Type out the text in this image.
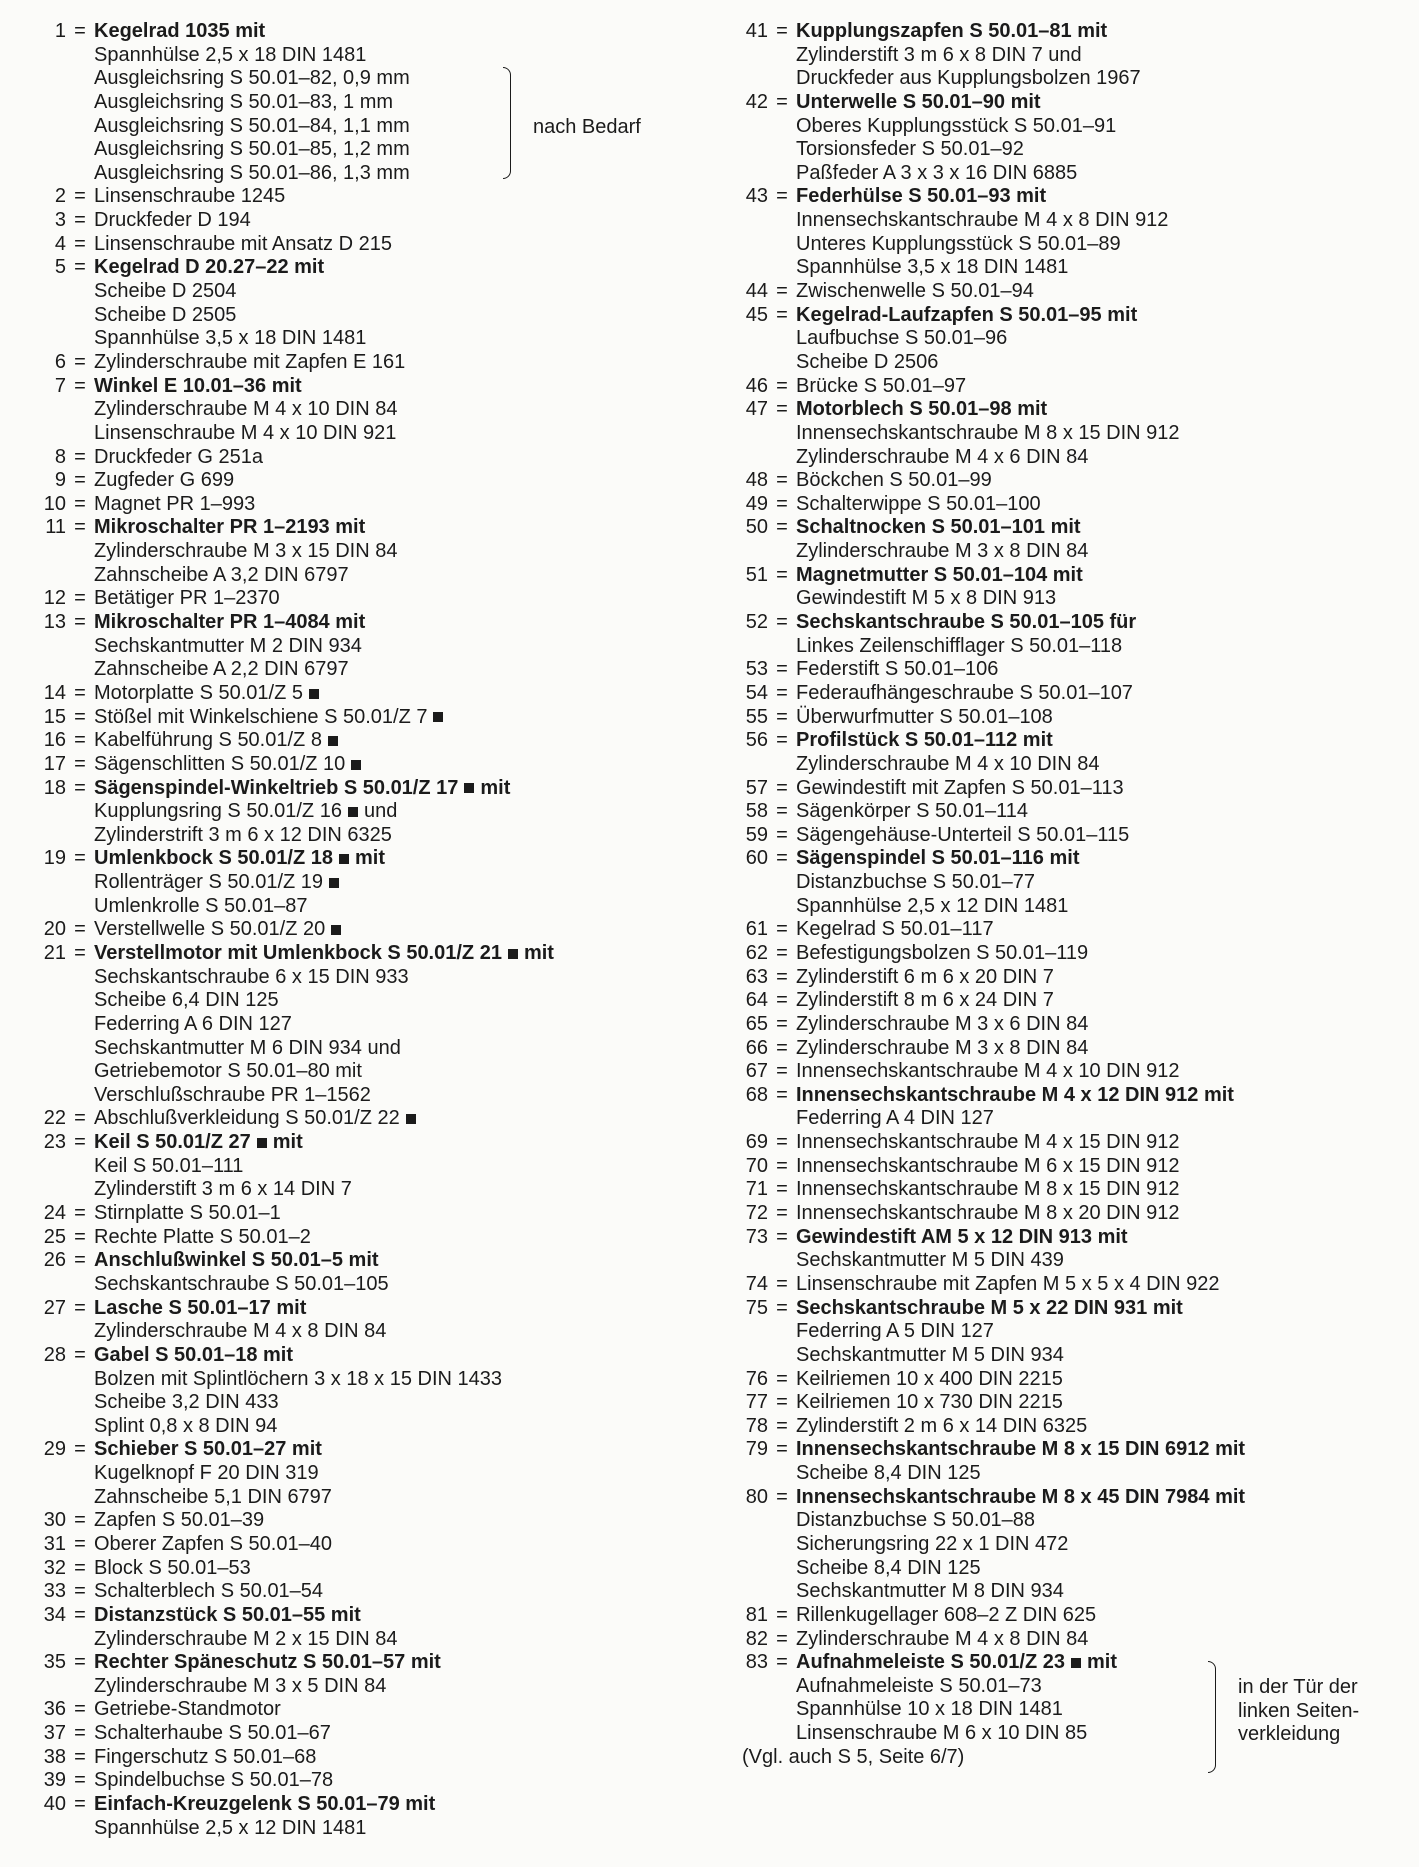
1 = Kegelrad 1035 mit
Spannhülse 2,5 x 18 DIN 1481
Ausgleichsring S 50.01–82, 0,9 mm
Ausgleichsring S 50.01–83, 1 mm
Ausgleichsring S 50.01–84, 1,1 mm
Ausgleichsring S 50.01–85, 1,2 mm
Ausgleichsring S 50.01–86, 1,3 mm
2 = Linsenschraube 1245
3 = Druckfeder D 194
4 = Linsenschraube mit Ansatz D 215
5 = Kegelrad D 20.27–22 mit
Scheibe D 2504
Scheibe D 2505
Spannhülse 3,5 x 18 DIN 1481
6 = Zylinderschraube mit Zapfen E 161
7 = Winkel E 10.01–36 mit
Zylinderschraube M 4 x 10 DIN 84
Linsenschraube M 4 x 10 DIN 921
8 = Druckfeder G 251a
9 = Zugfeder G 699
10 = Magnet PR 1–993
11 = Mikroschalter PR 1–2193 mit
Zylinderschraube M 3 x 15 DIN 84
Zahnscheibe A 3,2 DIN 6797
12 = Betätiger PR 1–2370
13 = Mikroschalter PR 1–4084 mit
Sechskantmutter M 2 DIN 934
Zahnscheibe A 2,2 DIN 6797
14 = Motorplatte S 50.01/Z 5
15 = Stößel mit Winkelschiene S 50.01/Z 7
16 = Kabelführung S 50.01/Z 8
17 = Sägenschlitten S 50.01/Z 10
18 = Sägenspindel-Winkeltrieb S 50.01/Z 17 mit
Kupplungsring S 50.01/Z 16 und
Zylinderstrift 3 m 6 x 12 DIN 6325
19 = Umlenkbock S 50.01/Z 18 mit
Rollenträger S 50.01/Z 19
Umlenkrolle S 50.01–87
20 = Verstellwelle S 50.01/Z 20
21 = Verstellmotor mit Umlenkbock S 50.01/Z 21 mit
Sechskantschraube 6 x 15 DIN 933
Scheibe 6,4 DIN 125
Federring A 6 DIN 127
Sechskantmutter M 6 DIN 934 und
Getriebemotor S 50.01–80 mit
Verschlußschraube PR 1–1562
22 = Abschlußverkleidung S 50.01/Z 22
23 = Keil S 50.01/Z 27 mit
Keil S 50.01–111
Zylinderstift 3 m 6 x 14 DIN 7
24 = Stirnplatte S 50.01–1
25 = Rechte Platte S 50.01–2
26 = Anschlußwinkel S 50.01–5 mit
Sechskantschraube S 50.01–105
27 = Lasche S 50.01–17 mit
Zylinderschraube M 4 x 8 DIN 84
28 = Gabel S 50.01–18 mit
Bolzen mit Splintlöchern 3 x 18 x 15 DIN 1433
Scheibe 3,2 DIN 433
Splint 0,8 x 8 DIN 94
29 = Schieber S 50.01–27 mit
Kugelknopf F 20 DIN 319
Zahnscheibe 5,1 DIN 6797
30 = Zapfen S 50.01–39
31 = Oberer Zapfen S 50.01–40
32 = Block S 50.01–53
33 = Schalterblech S 50.01–54
34 = Distanzstück S 50.01–55 mit
Zylinderschraube M 2 x 15 DIN 84
35 = Rechter Späneschutz S 50.01–57 mit
Zylinderschraube M 3 x 5 DIN 84
36 = Getriebe-Standmotor
37 = Schalterhaube S 50.01–67
38 = Fingerschutz S 50.01–68
39 = Spindelbuchse S 50.01–78
40 = Einfach-Kreuzgelenk S 50.01–79 mit
Spannhülse 2,5 x 12 DIN 1481
41 = Kupplungszapfen S 50.01–81 mit
Zylinderstift 3 m 6 x 8 DIN 7 und
Druckfeder aus Kupplungsbolzen 1967
42 = Unterwelle S 50.01–90 mit
Oberes Kupplungsstück S 50.01–91
Torsionsfeder S 50.01–92
Paßfeder A 3 x 3 x 16 DIN 6885
43 = Federhülse S 50.01–93 mit
Innensechskantschraube M 4 x 8 DIN 912
Unteres Kupplungsstück S 50.01–89
Spannhülse 3,5 x 18 DIN 1481
44 = Zwischenwelle S 50.01–94
45 = Kegelrad-Laufzapfen S 50.01–95 mit
Laufbuchse S 50.01–96
Scheibe D 2506
46 = Brücke S 50.01–97
47 = Motorblech S 50.01–98 mit
Innensechskantschraube M 8 x 15 DIN 912
Zylinderschraube M 4 x 6 DIN 84
48 = Böckchen S 50.01–99
49 = Schalterwippe S 50.01–100
50 = Schaltnocken S 50.01–101 mit
Zylinderschraube M 3 x 8 DIN 84
51 = Magnetmutter S 50.01–104 mit
Gewindestift M 5 x 8 DIN 913
52 = Sechskantschraube S 50.01–105 für
Linkes Zeilenschifflager S 50.01–118
53 = Federstift S 50.01–106
54 = Federaufhängeschraube S 50.01–107
55 = Überwurfmutter S 50.01–108
56 = Profilstück S 50.01–112 mit
Zylinderschraube M 4 x 10 DIN 84
57 = Gewindestift mit Zapfen S 50.01–113
58 = Sägenkörper S 50.01–114
59 = Sägengehäuse-Unterteil S 50.01–115
60 = Sägenspindel S 50.01–116 mit
Distanzbuchse S 50.01–77
Spannhülse 2,5 x 12 DIN 1481
61 = Kegelrad S 50.01–117
62 = Befestigungsbolzen S 50.01–119
63 = Zylinderstift 6 m 6 x 20 DIN 7
64 = Zylinderstift 8 m 6 x 24 DIN 7
65 = Zylinderschraube M 3 x 6 DIN 84
66 = Zylinderschraube M 3 x 8 DIN 84
67 = Innensechskantschraube M 4 x 10 DIN 912
68 = Innensechskantschraube M 4 x 12 DIN 912 mit
Federring A 4 DIN 127
69 = Innensechskantschraube M 4 x 15 DIN 912
70 = Innensechskantschraube M 6 x 15 DIN 912
71 = Innensechskantschraube M 8 x 15 DIN 912
72 = Innensechskantschraube M 8 x 20 DIN 912
73 = Gewindestift AM 5 x 12 DIN 913 mit
Sechskantmutter M 5 DIN 439
74 = Linsenschraube mit Zapfen M 5 x 5 x 4 DIN 922
75 = Sechskantschraube M 5 x 22 DIN 931 mit
Federring A 5 DIN 127
Sechskantmutter M 5 DIN 934
76 = Keilriemen 10 x 400 DIN 2215
77 = Keilriemen 10 x 730 DIN 2215
78 = Zylinderstift 2 m 6 x 14 DIN 6325
79 = Innensechskantschraube M 8 x 15 DIN 6912 mit
Scheibe 8,4 DIN 125
80 = Innensechskantschraube M 8 x 45 DIN 7984 mit
Distanzbuchse S 50.01–88
Sicherungsring 22 x 1 DIN 472
Scheibe 8,4 DIN 125
Sechskantmutter M 8 DIN 934
81 = Rillenkugellager 608–2 Z DIN 625
82 = Zylinderschraube M 4 x 8 DIN 84
83 = Aufnahmeleiste S 50.01/Z 23 mit
Aufnahmeleiste S 50.01–73
Spannhülse 10 x 18 DIN 1481
Linsenschraube M 6 x 10 DIN 85
(Vgl. auch S 5, Seite 6/7)
nach Bedarf
in der Tür der
linken Seiten-
verkleidung
